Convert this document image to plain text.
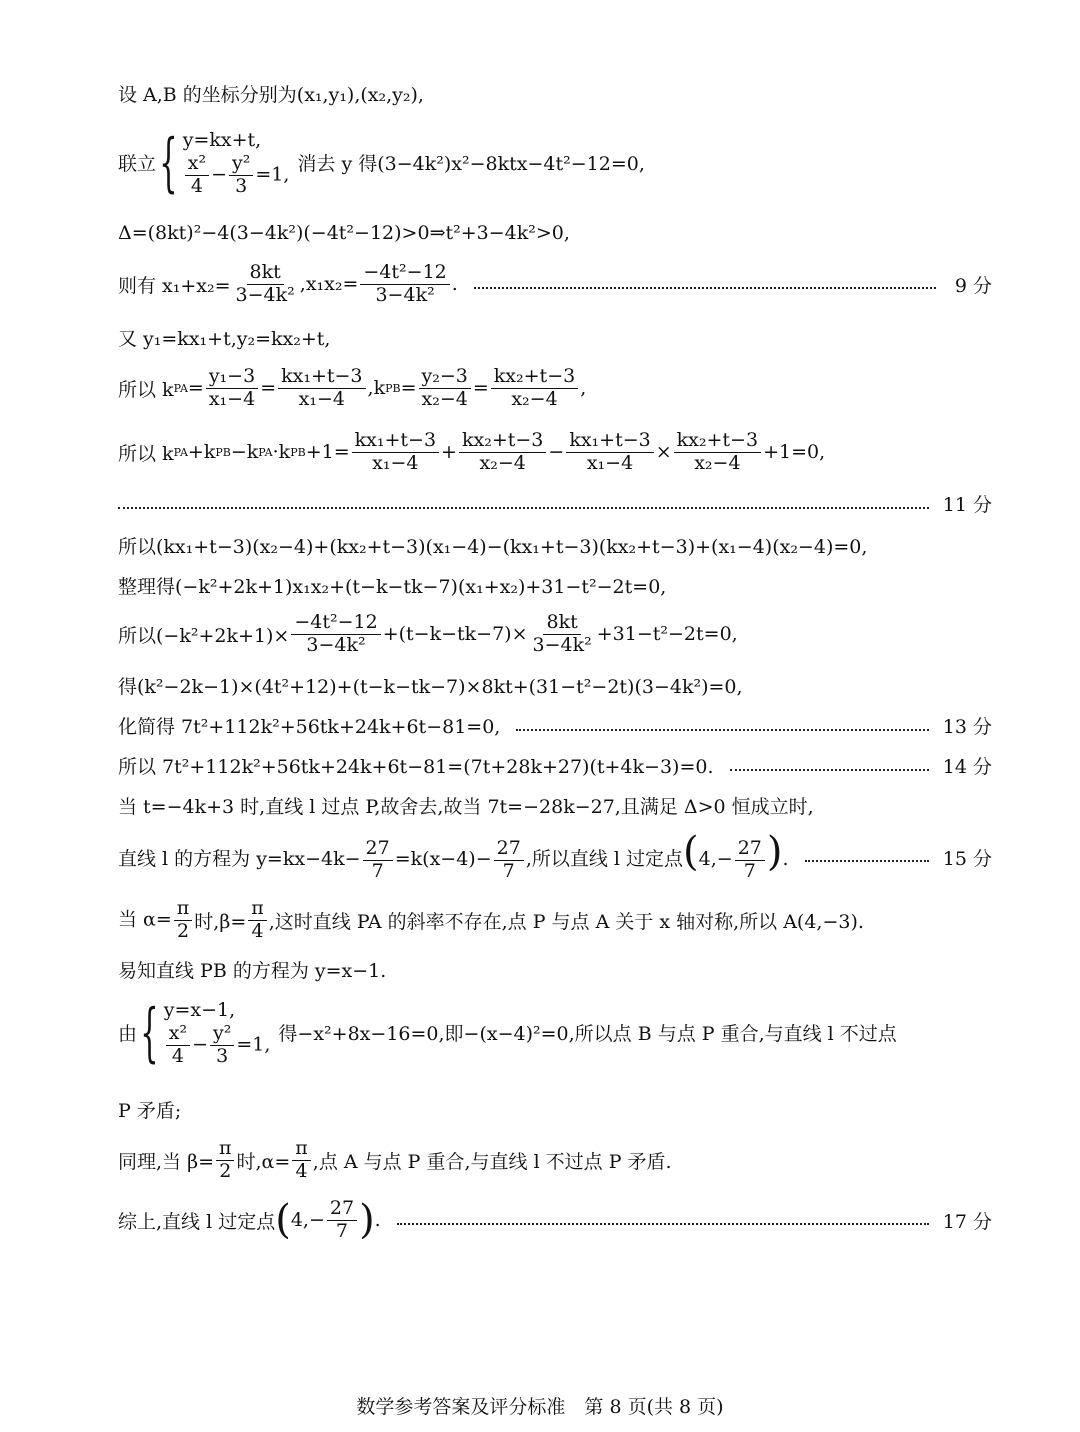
设 A,B 的坐标分别为(x₁,y₁),(x₂,y₂),
联立 { y=kx+t,
$\frac{\text{x²}}{4} - \frac{\text{y²}}{3} =1$, 消去 y 得(3−4k²)x²−8ktx−4t²−12=0,
Δ=(8kt)²−4(3−4k²)(−4t²−12)>0⇒t²+3−4k²>0,
则有 $x_1+x_2= \frac{8kt}{\text{3−4k²}} ,x_1x_2= \frac{\text{−4t²−12}}{\text{3−4k²}}$ .	9 分
又 y₁=kx₁+t,y₂=kx₂+t,
所以 k PA = $\frac{\text{y₁−3}}{\text{x₁−4}} = \frac{\text{kx₁+t−3}}{\text{x₁−4}} ,k$ PB = $\frac{\text{y₂−3}}{\text{x₂−4}} = \frac{\text{kx₂+t−3}}{\text{x₂−4}}$ ,
所以 k PA +k PB −k PA ·k PB $+1= \frac{\text{kx₁+t−3}}{\text{x₁−4}} + \frac{\text{kx₂+t−3}}{\text{x₂−4}} - \frac{\text{kx₁+t−3}}{\text{x₁−4}} \times \frac{\text{kx₂+t−3}}{\text{x₂−4}} +1=0$,
11 分
所以(kx₁+t−3)(x₂−4)+(kx₂+t−3)(x₁−4)−(kx₁+t−3)(kx₂+t−3)+(x₁−4)(x₂−4)=0,
整理得(−k²+2k+1)x₁x₂+(t−k−tk−7)(x₁+x₂)+31−t²−2t=0,
所以$(-k^2+2k+1)\times \frac{\text{−4t²−12}}{\text{3−4k²}} +(t-k-tk-7)\times \frac{8kt}{\text{3−4k²}} +31-t^2-2t=0$,
得(k²−2k−1)×(4t²+12)+(t−k−tk−7)×8kt+(31−t²−2t)(3−4k²)=0,
化简得 7t²+112k²+56tk+24k+6t−81=0,	13 分
所以 7t²+112k²+56tk+24k+6t−81=(7t+28k+27)(t+4k−3)=0.	14 分
当 t=−4k+3 时,直线 l 过点 P,故舍去,故当 7t=−28k−27,且满足 Δ>0 恒成立时,
直线 l 的方程为 $y=kx-4k- \frac{27}{7} =k(x-4)- \frac{27}{7}$ ,所以直线 l 过定点($4,- \frac{27}{7}$ ).	15 分
当 $\alpha= \frac{\pi}{2}$ 时$,\beta= \frac{\pi}{4}$ ,这时直线 PA 的斜率不存在,点 P 与点 A 关于 x 轴对称,所以 A(4,−3).
易知直线 PB 的方程为 y=x−1.
由 { y=x−1,
$\frac{\text{x²}}{4} - \frac{\text{y²}}{3} =1$, 得−x²+8x−16=0,即−(x−4)²=0,所以点 B 与点 P 重合,与直线 l 不过点
P 矛盾;
同理,当 $\beta= \frac{\pi}{2}$ 时$,\alpha= \frac{\pi}{4}$ ,点 A 与点 P 重合,与直线 l 不过点 P 矛盾.
综上,直线 l 过定点 ( $4,- \frac{27}{7}$ ) .	17 分
数学参考答案及评分标准　第 8 页(共 8 页)
